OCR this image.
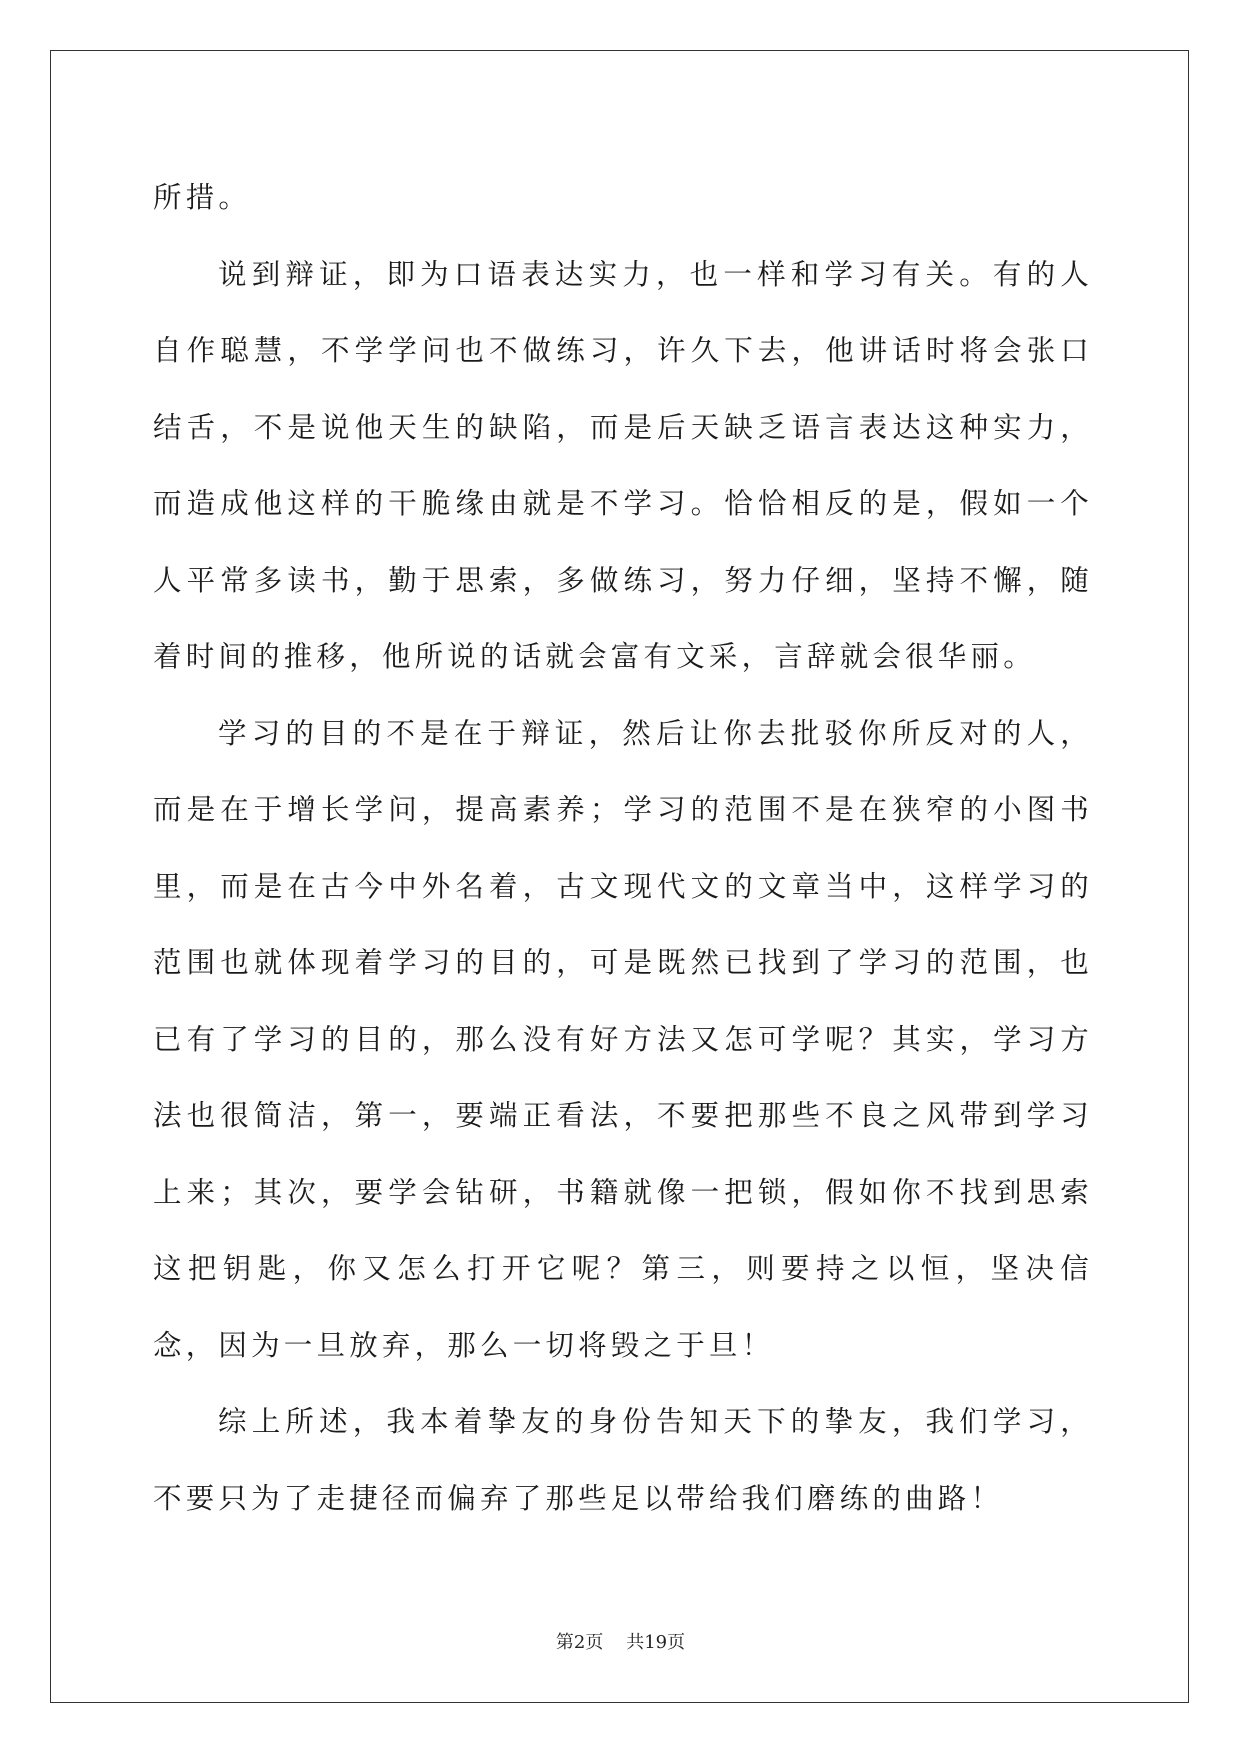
所措。

说到辩证，即为口语表达实力，也一样和学习有关。有的人自作聪慧，不学学问也不做练习，许久下去，他讲话时将会张口结舌，不是说他天生的缺陷，而是后天缺乏语言表达这种实力，而造成他这样的干脆缘由就是不学习。恰恰相反的是，假如一个人平常多读书，勤于思索，多做练习，努力仔细，坚持不懈，随着时间的推移，他所说的话就会富有文采，言辞就会很华丽。

学习的目的不是在于辩证，然后让你去批驳你所反对的人，而是在于增长学问，提高素养；学习的范围不是在狭窄的小图书里，而是在古今中外名着，古文现代文的文章当中，这样学习的范围也就体现着学习的目的，可是既然已找到了学习的范围，也已有了学习的目的，那么没有好方法又怎可学呢？其实，学习方法也很简洁，第一，要端正看法，不要把那些不良之风带到学习上来；其次，要学会钻研，书籍就像一把锁，假如你不找到思索这把钥匙，你又怎么打开它呢？第三，则要持之以恒，坚决信念，因为一旦放弃，那么一切将毁之于旦！

综上所述，我本着挚友的身份告知天下的挚友，我们学习，不要只为了走捷径而偏弃了那些足以带给我们磨练的曲路！

第2页    共19页
